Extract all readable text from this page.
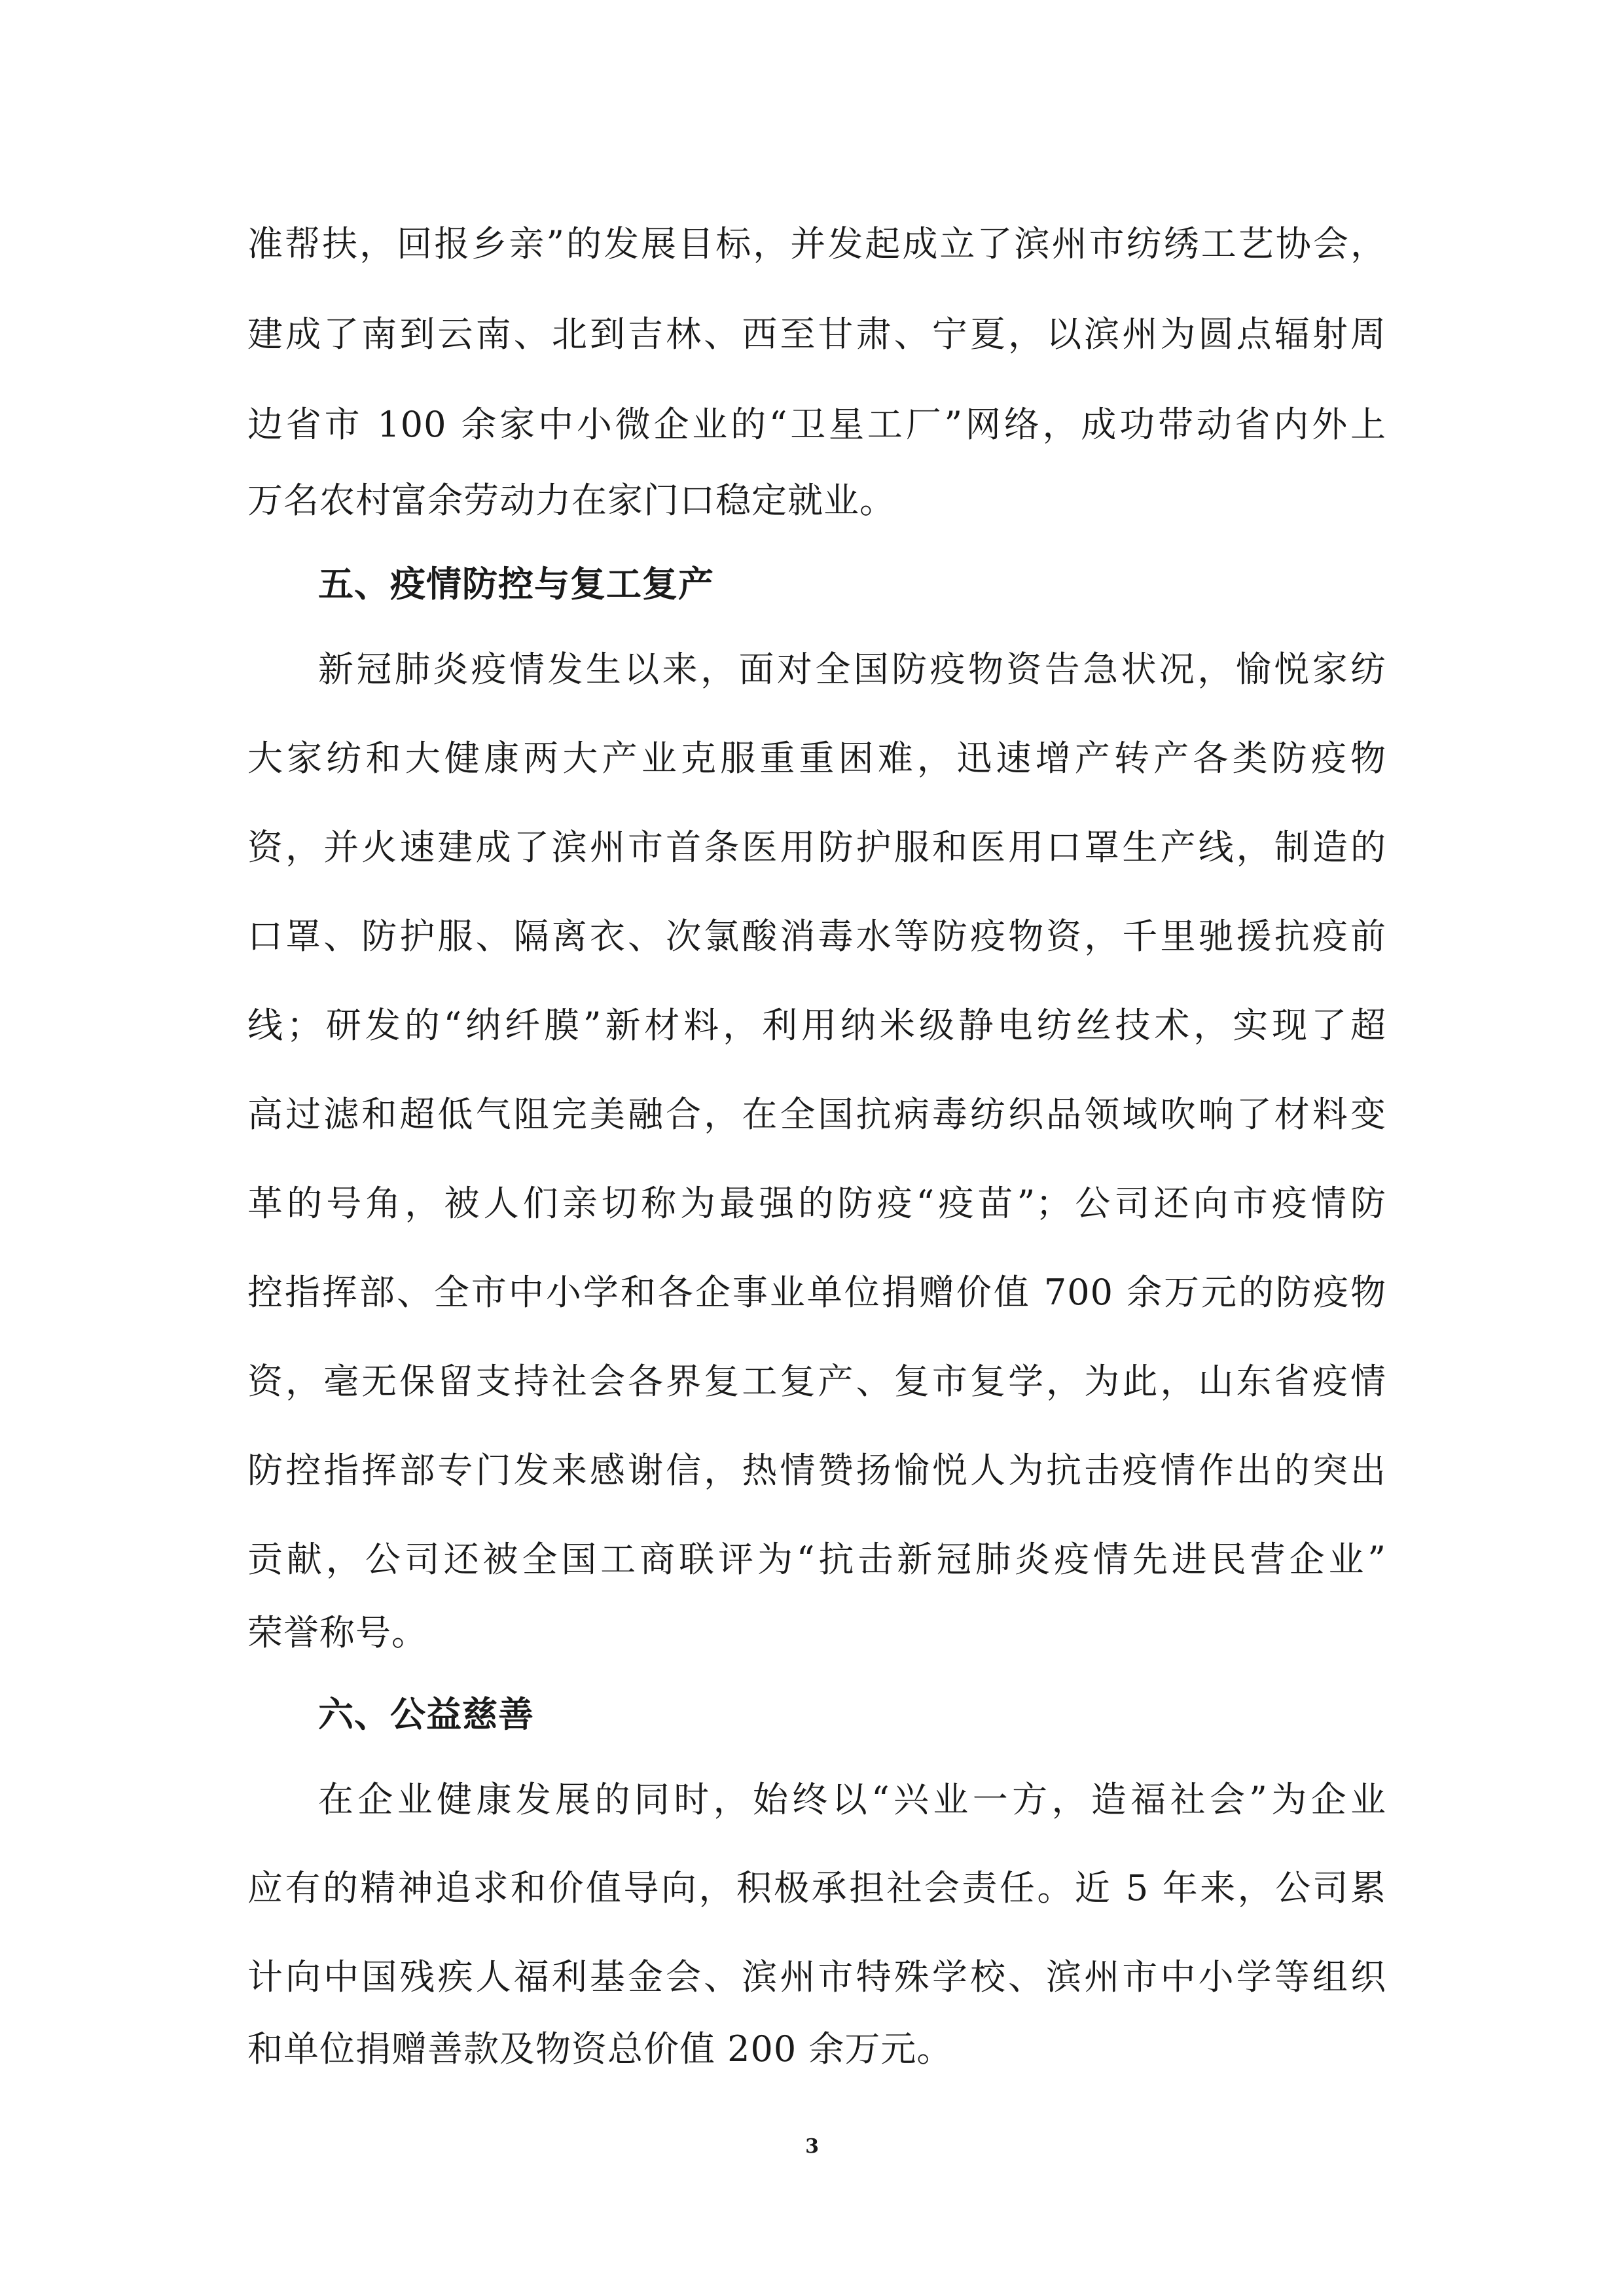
准帮扶，回报乡亲”的发展目标，并发起成立了滨州市纺绣工艺协会，
建成了南到云南、北到吉林、西至甘肃、宁夏，以滨州为圆点辐射周
边省市 100 余家中小微企业的“卫星工厂”网络，成功带动省内外上
万名农村富余劳动力在家门口稳定就业。
五、疫情防控与复工复产
新冠肺炎疫情发生以来，面对全国防疫物资告急状况，愉悦家纺
大家纺和大健康两大产业克服重重困难，迅速增产转产各类防疫物
资，并火速建成了滨州市首条医用防护服和医用口罩生产线，制造的
口罩、防护服、隔离衣、次氯酸消毒水等防疫物资，千里驰援抗疫前
线；研发的“纳纤膜”新材料，利用纳米级静电纺丝技术，实现了超
高过滤和超低气阻完美融合，在全国抗病毒纺织品领域吹响了材料变
革的号角，被人们亲切称为最强的防疫“疫苗”；公司还向市疫情防
控指挥部、全市中小学和各企事业单位捐赠价值 700 余万元的防疫物
资，毫无保留支持社会各界复工复产、复市复学，为此，山东省疫情
防控指挥部专门发来感谢信，热情赞扬愉悦人为抗击疫情作出的突出
贡献，公司还被全国工商联评为“抗击新冠肺炎疫情先进民营企业”
荣誉称号。
六、公益慈善
在企业健康发展的同时，始终以“兴业一方，造福社会”为企业
应有的精神追求和价值导向，积极承担社会责任。近 5 年来，公司累
计向中国残疾人福利基金会、滨州市特殊学校、滨州市中小学等组织
和单位捐赠善款及物资总价值 200 余万元。
3
